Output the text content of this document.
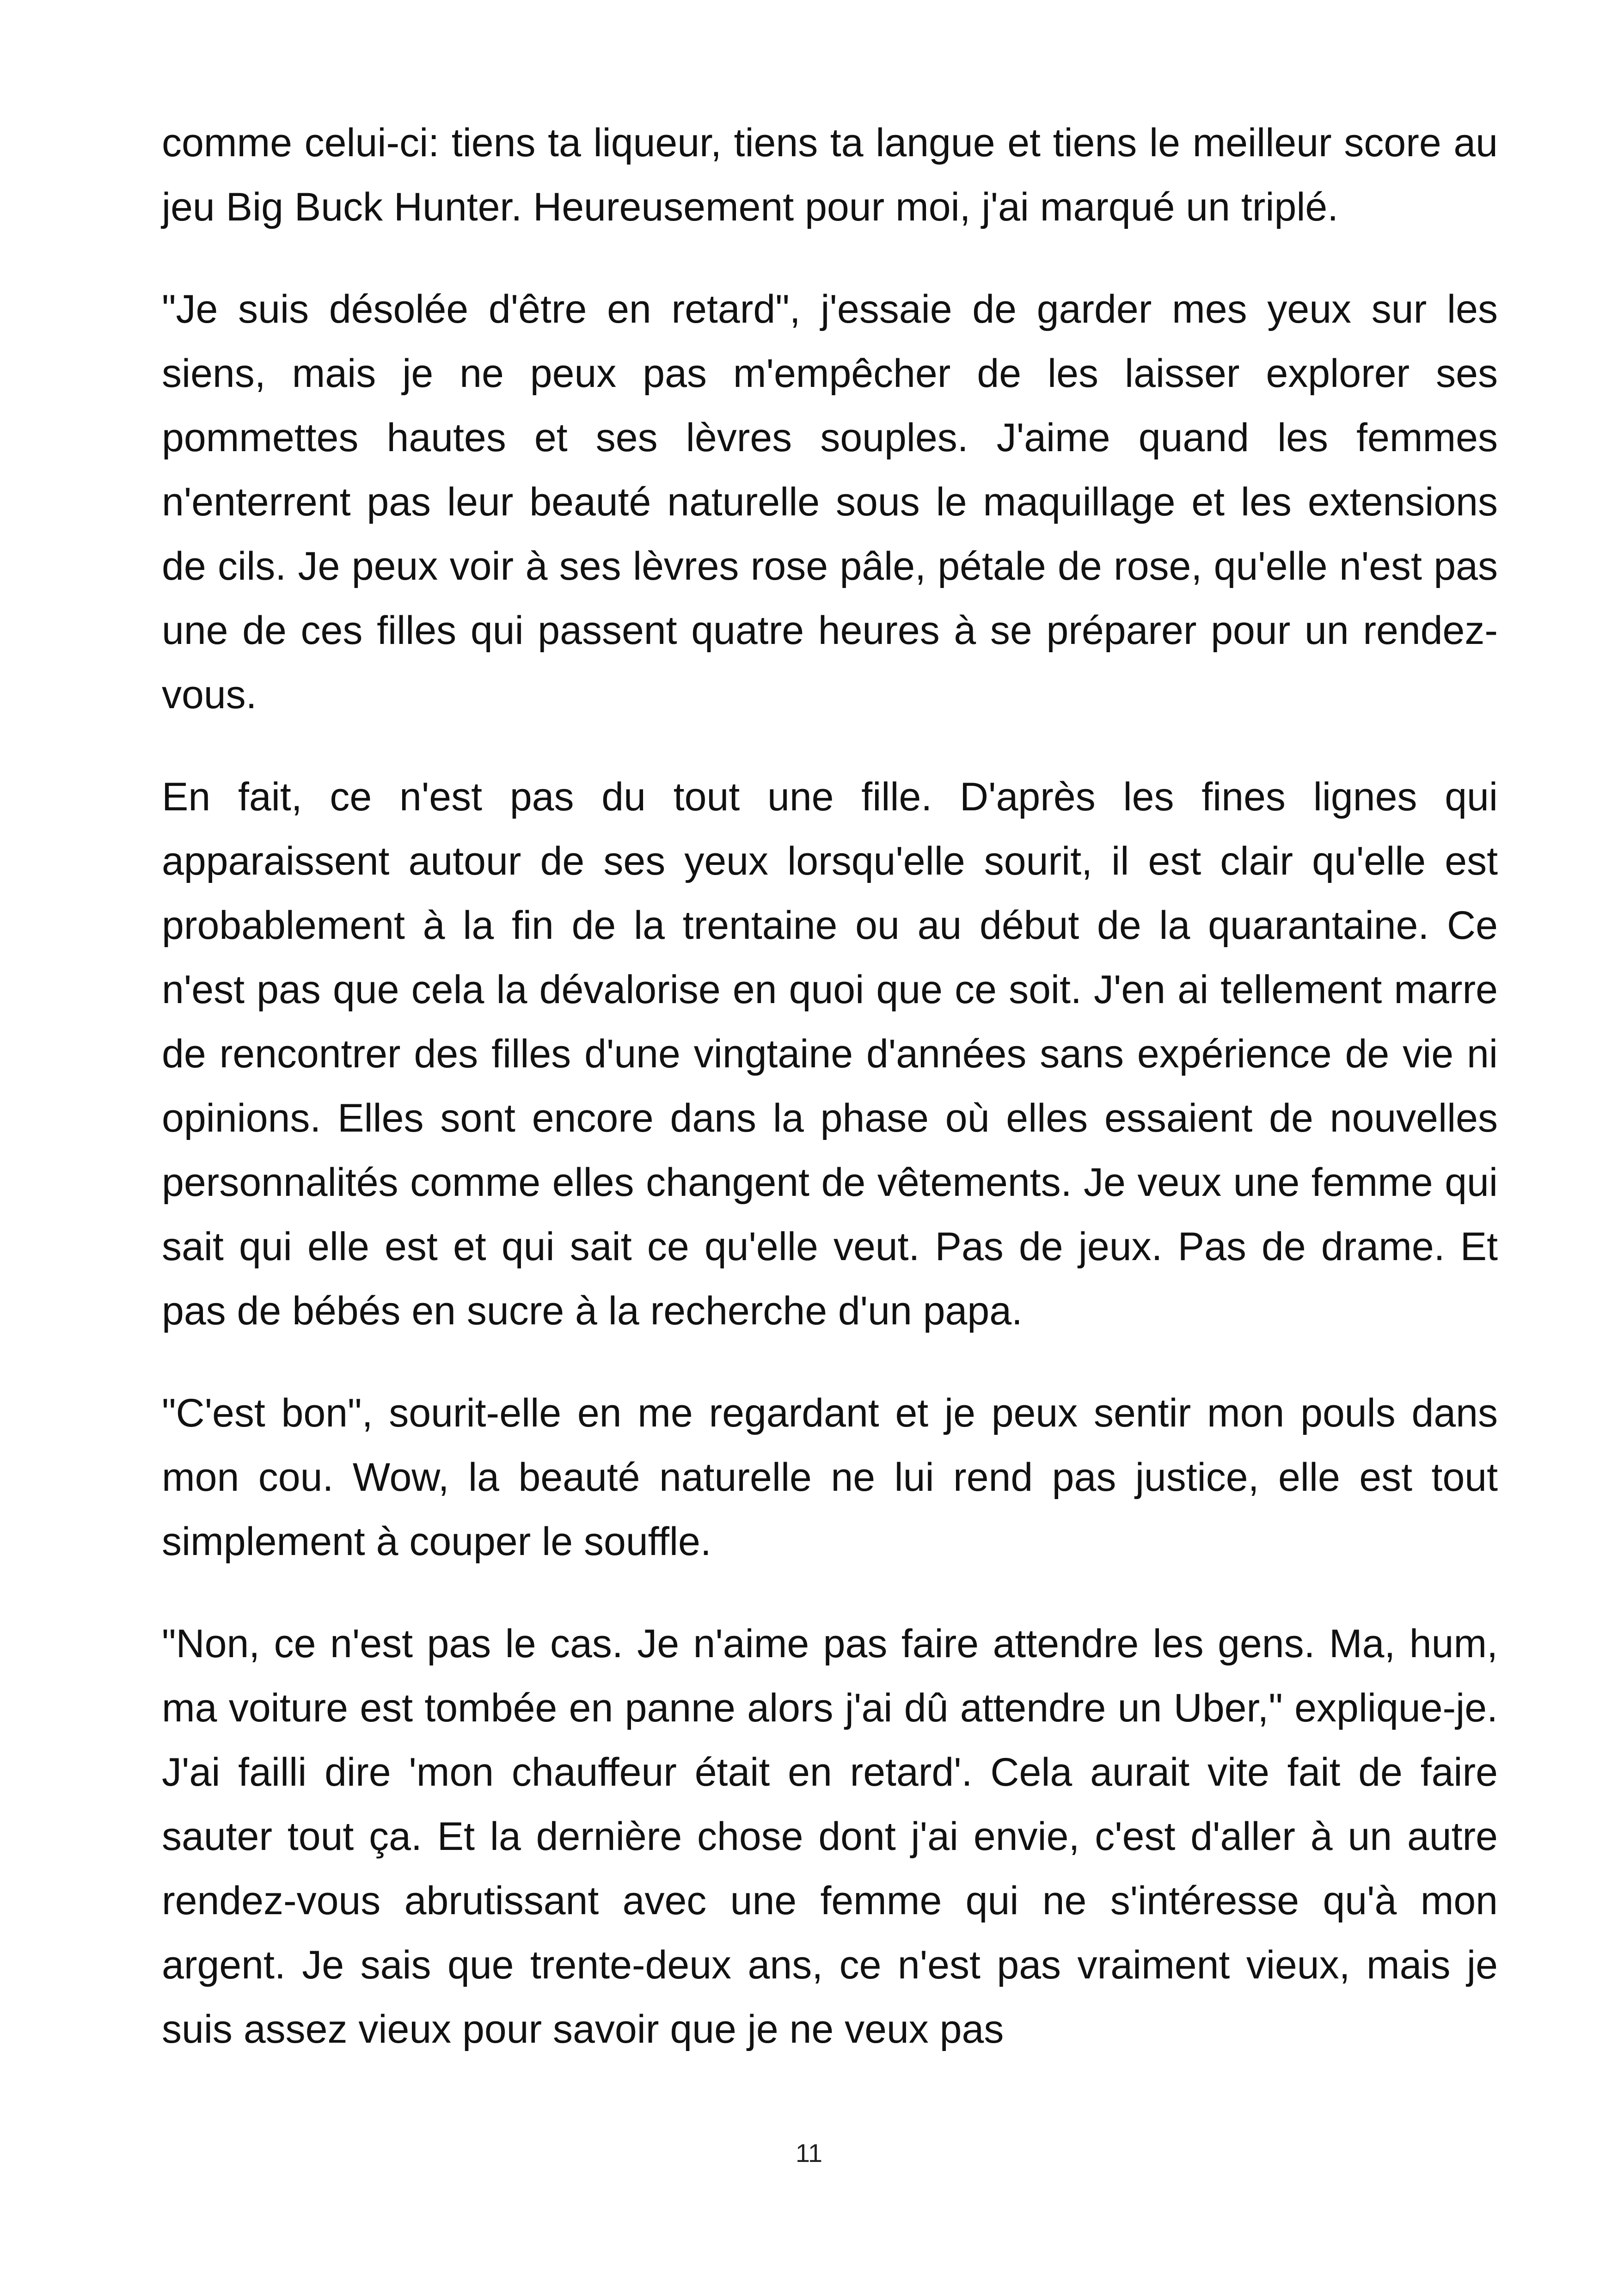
comme celui-ci: tiens ta liqueur, tiens ta langue et tiens le meilleur score au jeu Big Buck Hunter. Heureusement pour moi, j'ai marqué un triplé.

"Je suis désolée d'être en retard", j'essaie de garder mes yeux sur les siens, mais je ne peux pas m'empêcher de les laisser explorer ses pommettes hautes et ses lèvres souples. J'aime quand les femmes n'enterrent pas leur beauté naturelle sous le maquillage et les extensions de cils. Je peux voir à ses lèvres rose pâle, pétale de rose, qu'elle n'est pas une de ces filles qui passent quatre heures à se préparer pour un rendez-vous.

En fait, ce n'est pas du tout une fille. D'après les fines lignes qui apparaissent autour de ses yeux lorsqu'elle sourit, il est clair qu'elle est probablement à la fin de la trentaine ou au début de la quarantaine. Ce n'est pas que cela la dévalorise en quoi que ce soit. J'en ai tellement marre de rencontrer des filles d'une vingtaine d'années sans expérience de vie ni opinions. Elles sont encore dans la phase où elles essaient de nouvelles personnalités comme elles changent de vêtements. Je veux une femme qui sait qui elle est et qui sait ce qu'elle veut. Pas de jeux. Pas de drame. Et pas de bébés en sucre à la recherche d'un papa.

"C'est bon", sourit-elle en me regardant et je peux sentir mon pouls dans mon cou. Wow, la beauté naturelle ne lui rend pas justice, elle est tout simplement à couper le souffle.

"Non, ce n'est pas le cas. Je n'aime pas faire attendre les gens. Ma, hum, ma voiture est tombée en panne alors j'ai dû attendre un Uber," explique-je. J'ai failli dire 'mon chauffeur était en retard'. Cela aurait vite fait de faire sauter tout ça. Et la dernière chose dont j'ai envie, c'est d'aller à un autre rendez-vous abrutissant avec une femme qui ne s'intéresse qu'à mon argent. Je sais que trente-deux ans, ce n'est pas vraiment vieux, mais je suis assez vieux pour savoir que je ne veux pas

11
